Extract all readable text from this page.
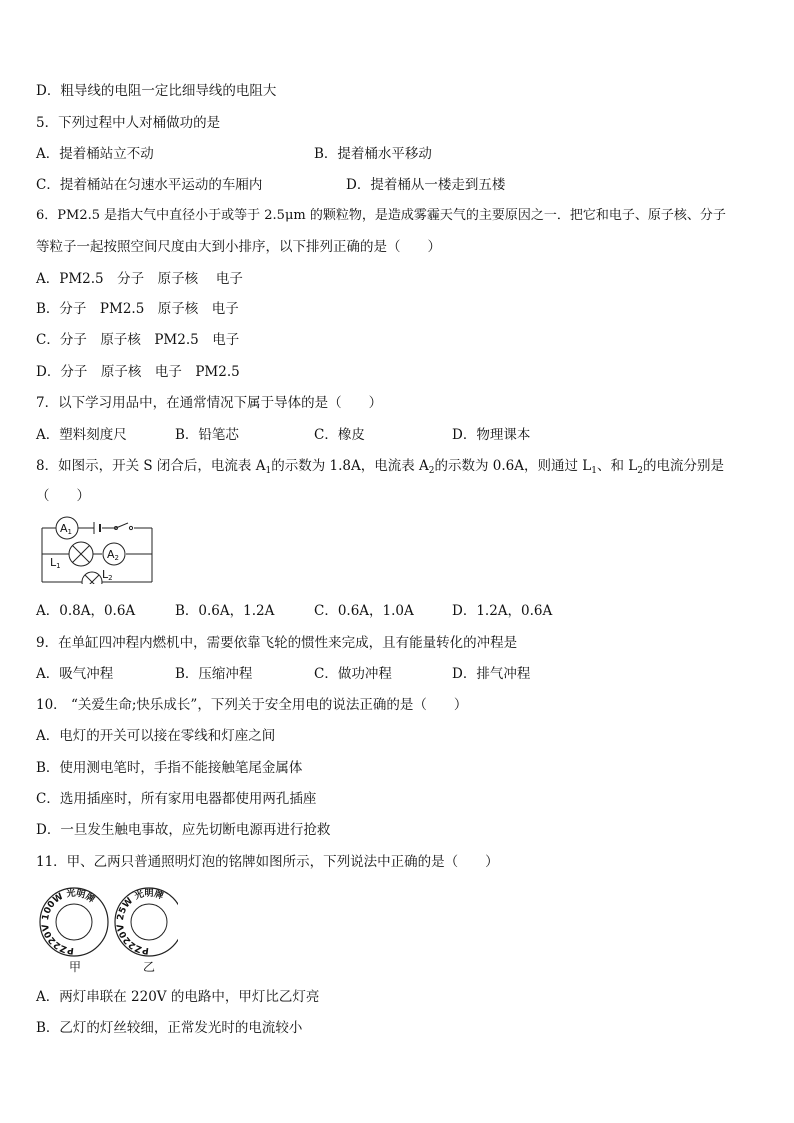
D．粗导线的电阻一定比细导线的电阻大
5．下列过程中人对桶做功的是
A．提着桶站立不动	B．提着桶水平移动
C．提着桶站在匀速水平运动的车厢内	D．提着桶从一楼走到五楼
6．PM2.5 是指大气中直径小于或等于 2.5μm 的颗粒物，是造成雾霾天气的主要原因之一．把它和电子、原子核、分子
等粒子一起按照空间尺度由大到小排序，以下排列正确的是（　　）
A．PM2.5　分子　原子核　 电子
B．分子　PM2.5　原子核　电子
C．分子　原子核　PM2.5　电子
D．分子　原子核　电子　PM2.5
7．以下学习用品中，在通常情况下属于导体的是（　　）
A．塑料刻度尺	B．铅笔芯	C．橡皮	D．物理课本
8．如图示，开关 S 闭合后，电流表 $A_1$的示数为 1.8A，电流表 $A_2$的示数为 0.6A，则通过 $L_1$、和 $L_2$的电流分别是
（　　）
A1
A2
L1
L2
A．0.8A，0.6A	B．0.6A，1.2A	C．0.6A，1.0A	D．1.2A，0.6A
9．在单缸四冲程内燃机中，需要依靠飞轮的惯性来完成，且有能量转化的冲程是
A．吸气冲程	B．压缩冲程	C．做功冲程	D．排气冲程
10． “关爱生命;快乐成长”，下列关于安全用电的说法正确的是（　　）
A．电灯的开关可以接在零线和灯座之间
B．使用测电笔时，手指不能接触笔尾金属体
C．选用插座时，所有家用电器都使用两孔插座
D．一旦发生触电事故，应先切断电源再进行抢救
11．甲、乙两只普通照明灯泡的铭牌如图所示，下列说法中正确的是（　　）
PZ220V 100W 光明牌
PZ220V 25W 光明牌
甲	乙
A．两灯串联在 220V 的电路中，甲灯比乙灯亮
B．乙灯的灯丝较细，正常发光时的电流较小
